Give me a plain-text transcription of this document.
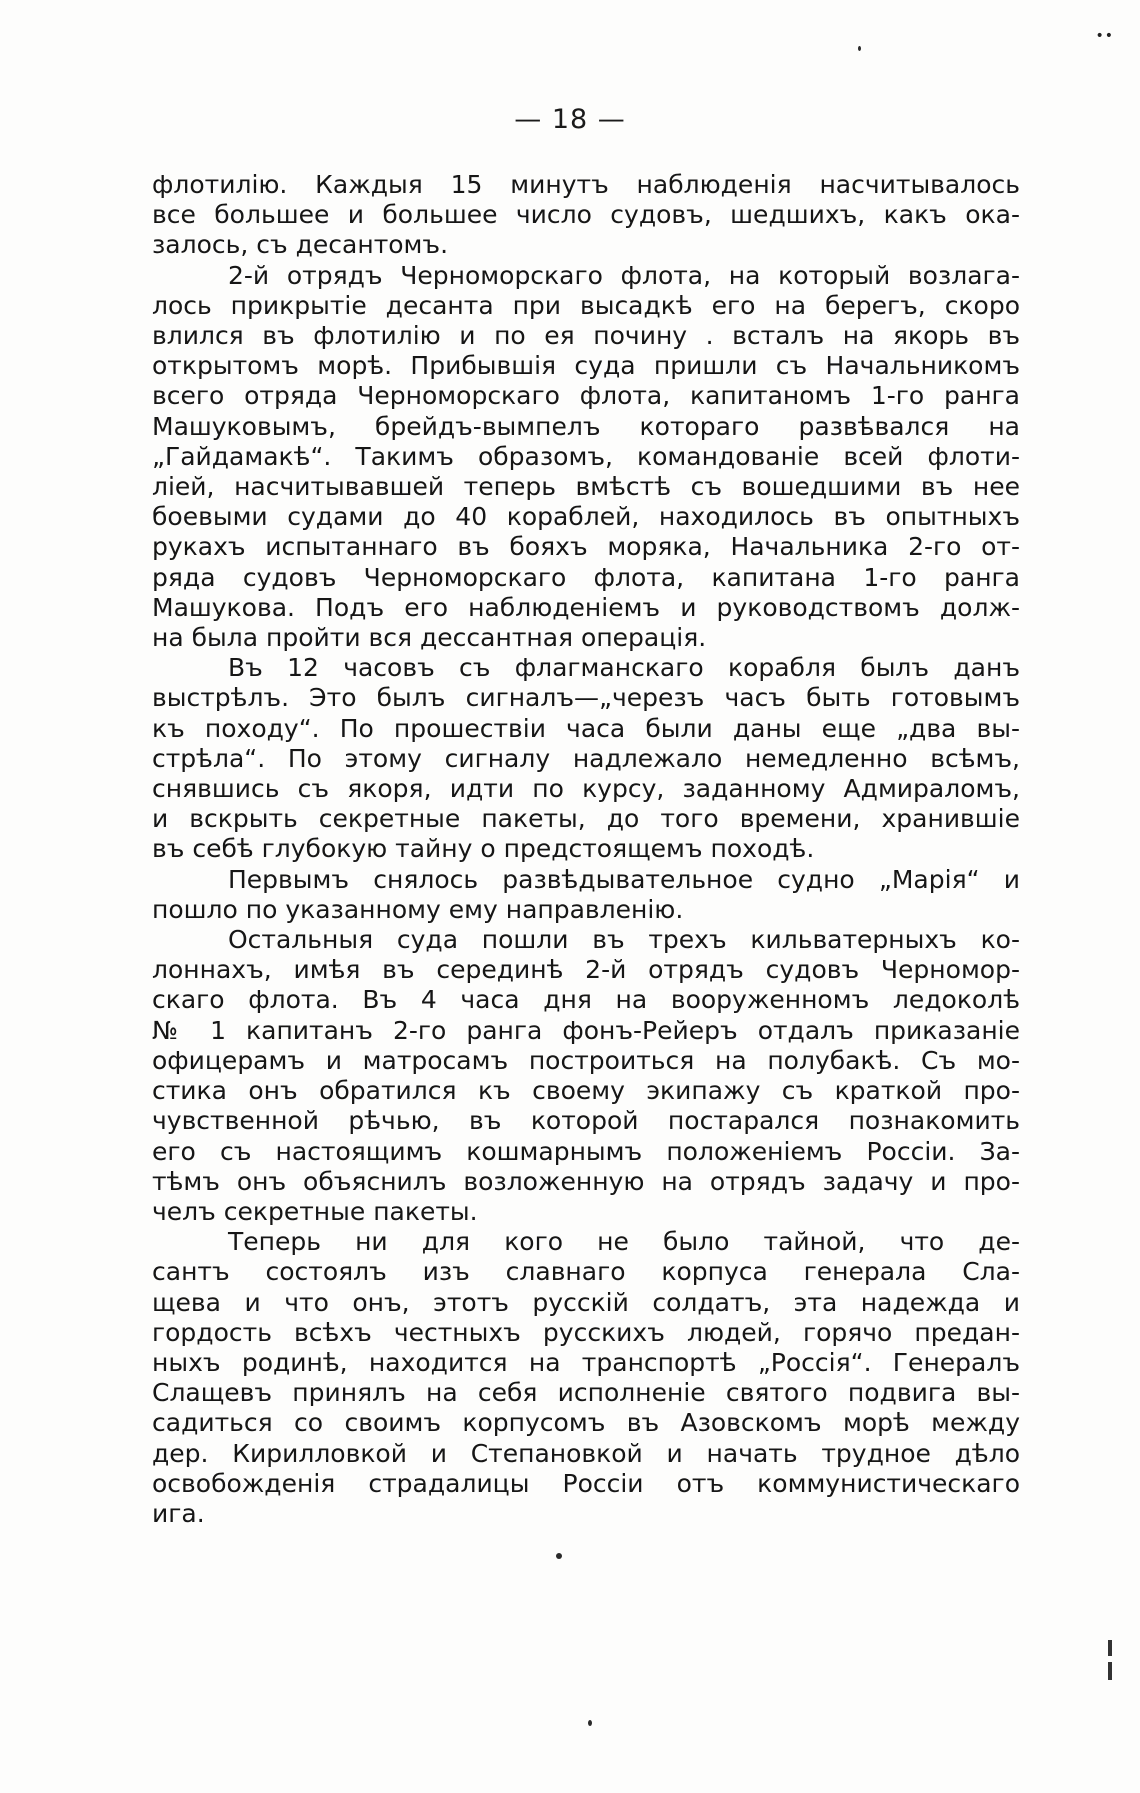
••
— 18 —

флотилію. Каждыя 15 минутъ наблюденія насчитывалось
все большее и большее число судовъ, шедшихъ, какъ ока-
залось, съ десантомъ.

2-й отрядъ Черноморскаго флота, на который возлага-
лось прикрытіе десанта при высадкѣ его на берегъ, скоро
влился въ флотилію и по ея почину . всталъ на якорь въ
открытомъ морѣ. Прибывшія суда пришли съ Начальникомъ
всего отряда Черноморскаго флота, капитаномъ 1-го ранга
Машуковымъ, брейдъ-вымпелъ котораго развѣвался на
„Гайдамакѣ“. Такимъ образомъ, командованіе всей флоти-
ліей, насчитывавшей теперь вмѣстѣ съ вошедшими въ нее
боевыми судами до 40 кораблей, находилось въ опытныхъ
рукахъ испытаннаго въ бояхъ моряка, Начальника 2-го от-
ряда судовъ Черноморскаго флота, капитана 1-го ранга
Машукова. Подъ его наблюденіемъ и руководствомъ долж-
на была пройти вся дессантная операція.

Въ 12 часовъ съ флагманскаго корабля былъ данъ
выстрѣлъ. Это былъ сигналъ—„черезъ часъ быть готовымъ
къ походу“. По прошествіи часа были даны еще „два вы-
стрѣла“. По этому сигналу надлежало немедленно всѣмъ,
снявшись съ якоря, идти по курсу, заданному Адмираломъ,
и вскрыть секретные пакеты, до того времени, хранившіе
въ себѣ глубокую тайну о предстоящемъ походѣ.

Первымъ снялось развѣдывательное судно „Марія“ и
пошло по указанному ему направленію.

Остальныя суда пошли въ трехъ кильватерныхъ ко-
лоннахъ, имѣя въ серединѣ 2-й отрядъ судовъ Черномор-
скаго флота. Въ 4 часа дня на вооруженномъ ледоколѣ
№ 1 капитанъ 2-го ранга фонъ-Рейеръ отдалъ приказаніе
офицерамъ и матросамъ построиться на полубакѣ. Съ мо-
стика онъ обратился къ своему экипажу съ краткой про-
чувственной рѣчью, въ которой постарался познакомить
его съ настоящимъ кошмарнымъ положеніемъ Россіи. За-
тѣмъ онъ объяснилъ возложенную на отрядъ задачу и про-
челъ секретные пакеты.

Теперь ни для кого не было тайной, что де-
сантъ состоялъ изъ славнаго корпуса генерала Сла-
щева и что онъ, этотъ русскій солдатъ, эта надежда и
гордость всѣхъ честныхъ русскихъ людей, горячо предан-
ныхъ родинѣ, находится на транспортѣ „Россія“. Генералъ
Слащевъ принялъ на себя исполненіе святого подвига вы-
садиться со своимъ корпусомъ въ Азовскомъ морѣ между
дер. Кирилловкой и Степановкой и начать трудное дѣло
освобожденія страдалицы Россіи отъ коммунистическаго
ига.
